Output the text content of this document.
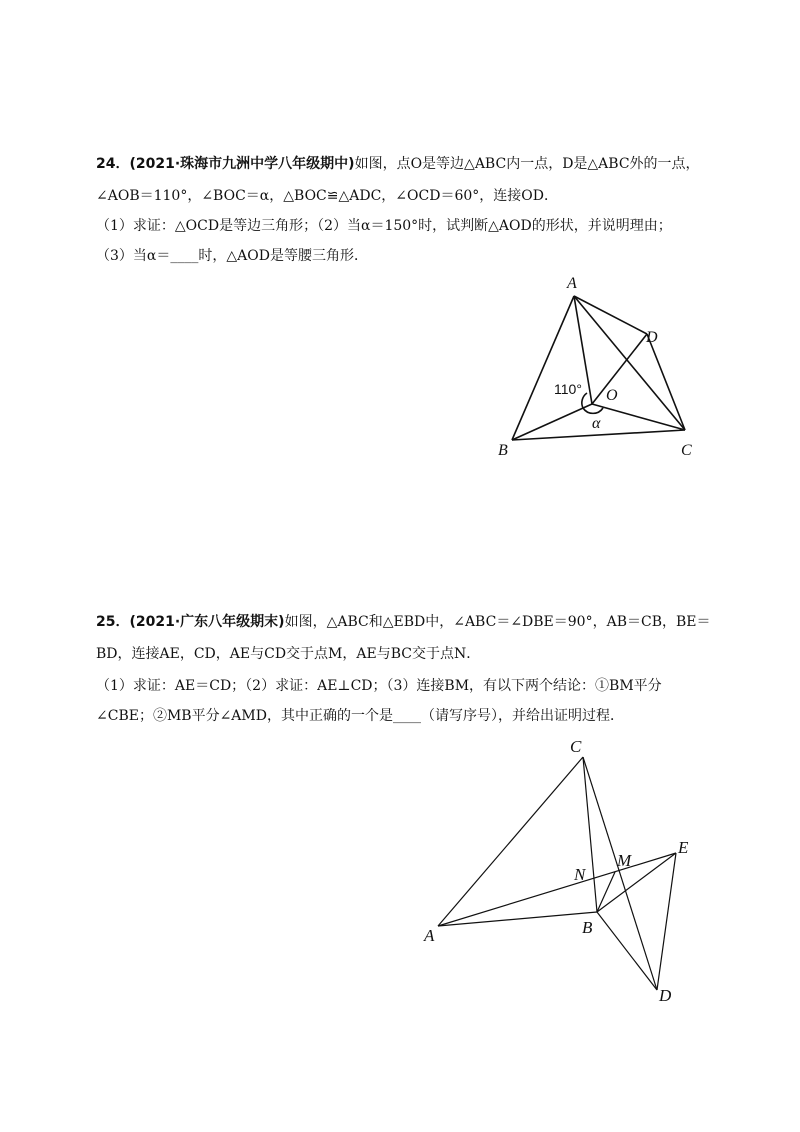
24．(2021·珠海市九洲中学八年级期中)如图，点O是等边△ABC内一点，D是△ABC外的一点，
∠AOB＝110°，∠BOC＝α，△BOC≌△ADC，∠OCD＝60°，连接OD．
（1）求证：△OCD是等边三角形；（2）当α＝150°时，试判断△AOD的形状，并说明理由；
（3）当α＝____时，△AOD是等腰三角形．
25．(2021·广东八年级期末)如图，△ABC和△EBD中，∠ABC＝∠DBE＝90°，AB＝CB，BE＝
BD，连接AE，CD，AE与CD交于点M，AE与BC交于点N．
（1）求证：AE＝CD；（2）求证：AE⊥CD；（3）连接BM，有以下两个结论：①BM平分
∠CBE；②MB平分∠AMD，其中正确的一个是____（请写序号），并给出证明过程．
A
B	C
D
O
110°
α
C
A	B
D
E
M
N
